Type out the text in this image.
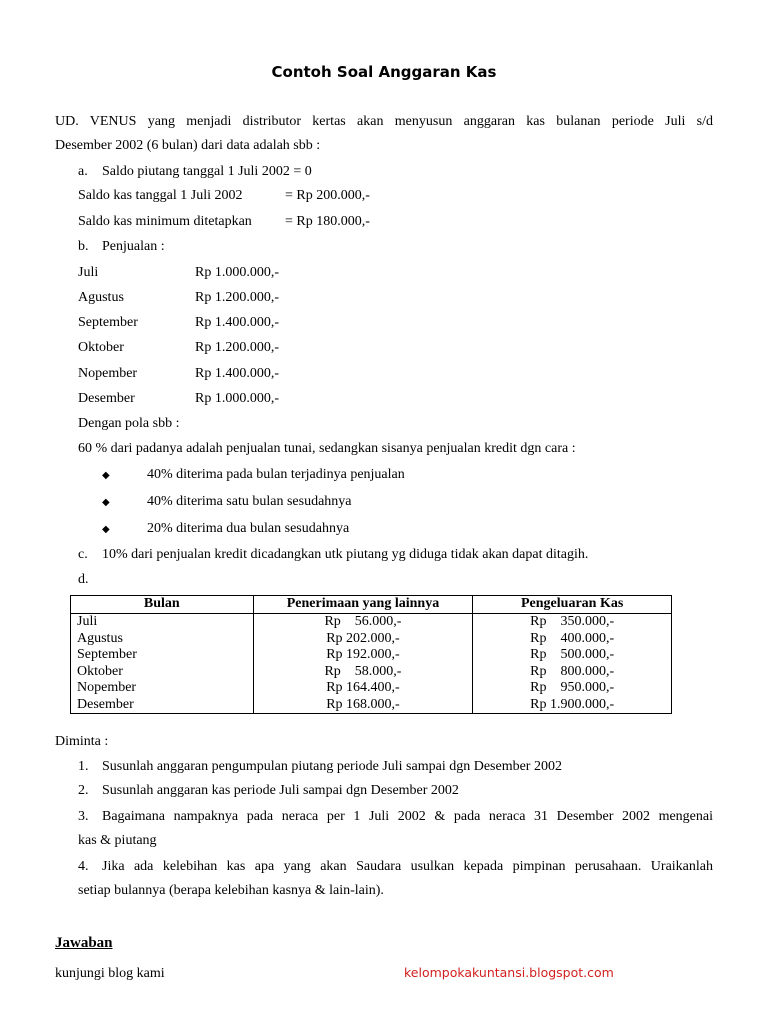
Contoh Soal Anggaran Kas
UD. VENUS yang menjadi distributor kertas akan menyusun anggaran kas bulanan periode Juli s/d
Desember 2002 (6 bulan) dari data adalah sbb :
a. Saldo piutang tanggal 1 Juli 2002 = 0
Saldo kas tanggal 1 Juli 2002	= Rp 200.000,-
Saldo kas minimum ditetapkan = Rp 180.000,-
b. Penjualan :
Juli	Rp 1.000.000,-
Agustus	Rp 1.200.000,-
September	Rp 1.400.000,-
Oktober	Rp 1.200.000,-
Nopember	Rp 1.400.000,-
Desember	Rp 1.000.000,-
Dengan pola sbb :
60 % dari padanya adalah penjualan tunai, sedangkan sisanya penjualan kredit dgn cara :
◆	40% diterima pada bulan terjadinya penjualan
◆	40% diterima satu bulan sesudahnya
◆	20% diterima dua bulan sesudahnya
c. 10% dari penjualan kredit dicadangkan utk piutang yg diduga tidak akan dapat ditagih.
d.
Bulan	Penerimaan yang lainnya	Pengeluaran Kas
Juli	Rp    56.000,-	Rp    350.000,-
Agustus	Rp 202.000,-	Rp    400.000,-
September	Rp 192.000,-	Rp    500.000,-
Oktober	Rp    58.000,-	Rp    800.000,-
Nopember	Rp 164.400,-	Rp    950.000,-
Desember	Rp 168.000,-	Rp 1.900.000,-
Diminta :
1. Susunlah anggaran pengumpulan piutang periode Juli sampai dgn Desember 2002
2. Susunlah anggaran kas periode Juli sampai dgn Desember 2002
3. Bagaimana nampaknya pada neraca per 1 Juli 2002 & pada neraca 31 Desember 2002 mengenai
kas & piutang
4. Jika ada kelebihan kas apa yang akan Saudara usulkan kepada pimpinan perusahaan. Uraikanlah
setiap bulannya (berapa kelebihan kasnya & lain-lain).
Jawaban
kunjungi blog kami	kelompokakuntansi.blogspot.com
